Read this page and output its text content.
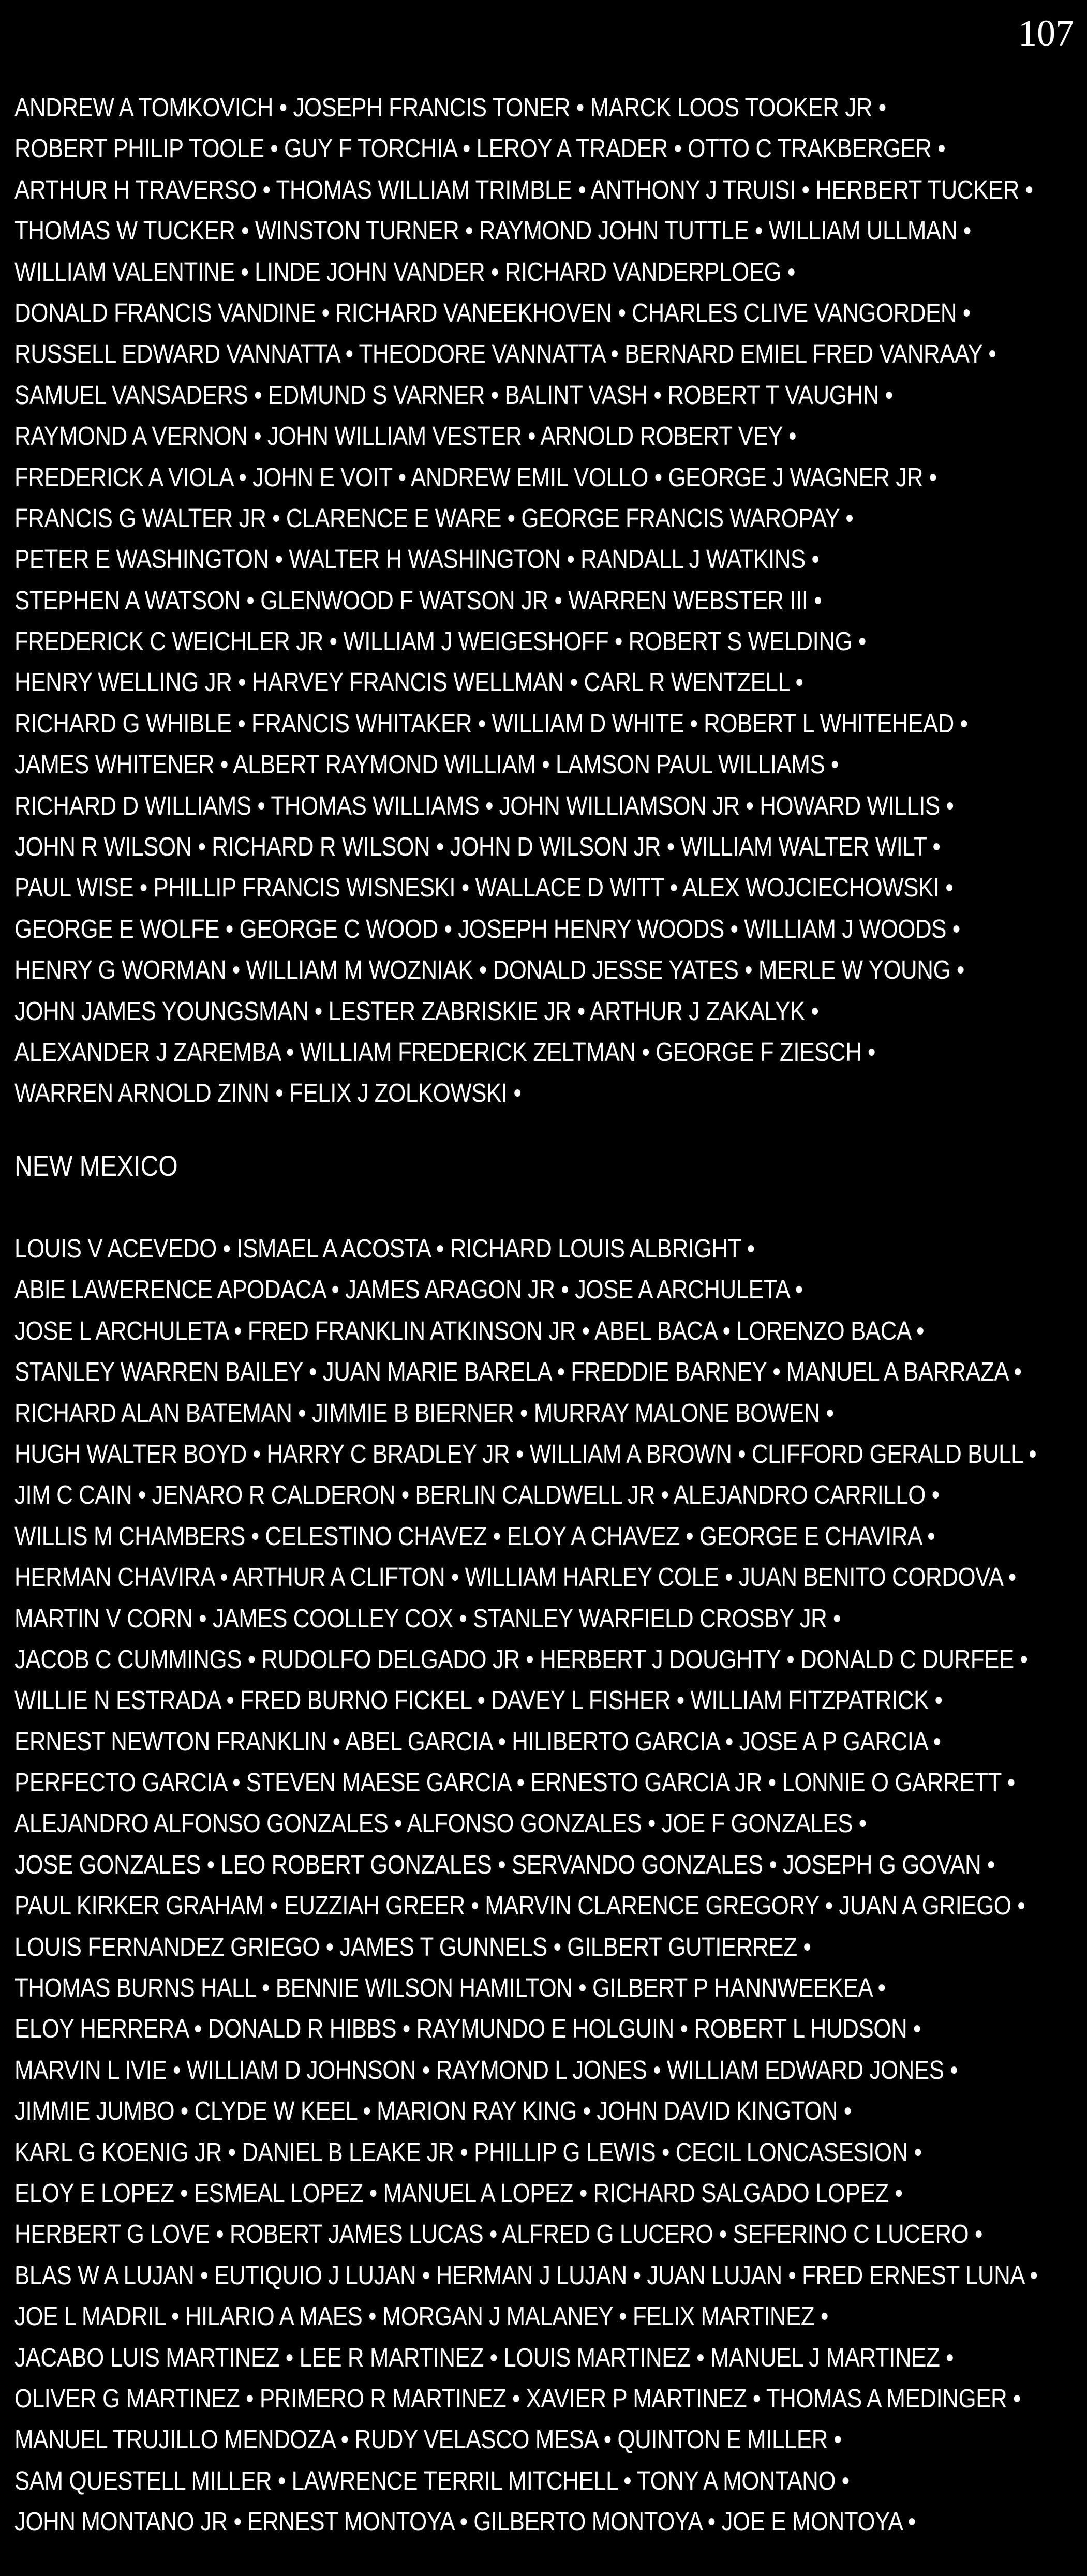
107
ANDREW A TOMKOVICH • JOSEPH FRANCIS TONER • MARCK LOOS TOOKER JR •
ROBERT PHILIP TOOLE • GUY F TORCHIA • LEROY A TRADER • OTTO C TRAKBERGER •
ARTHUR H TRAVERSO • THOMAS WILLIAM TRIMBLE • ANTHONY J TRUISI • HERBERT TUCKER •
THOMAS W TUCKER • WINSTON TURNER • RAYMOND JOHN TUTTLE • WILLIAM ULLMAN •
WILLIAM VALENTINE • LINDE JOHN VANDER • RICHARD VANDERPLOEG •
DONALD FRANCIS VANDINE • RICHARD VANEEKHOVEN • CHARLES CLIVE VANGORDEN •
RUSSELL EDWARD VANNATTA • THEODORE VANNATTA • BERNARD EMIEL FRED VANRAAY •
SAMUEL VANSADERS • EDMUND S VARNER • BALINT VASH • ROBERT T VAUGHN •
RAYMOND A VERNON • JOHN WILLIAM VESTER • ARNOLD ROBERT VEY •
FREDERICK A VIOLA • JOHN E VOIT • ANDREW EMIL VOLLO • GEORGE J WAGNER JR •
FRANCIS G WALTER JR • CLARENCE E WARE • GEORGE FRANCIS WAROPAY •
PETER E WASHINGTON • WALTER H WASHINGTON • RANDALL J WATKINS •
STEPHEN A WATSON • GLENWOOD F WATSON JR • WARREN WEBSTER III •
FREDERICK C WEICHLER JR • WILLIAM J WEIGESHOFF • ROBERT S WELDING •
HENRY WELLING JR • HARVEY FRANCIS WELLMAN • CARL R WENTZELL •
RICHARD G WHIBLE • FRANCIS WHITAKER • WILLIAM D WHITE • ROBERT L WHITEHEAD •
JAMES WHITENER • ALBERT RAYMOND WILLIAM • LAMSON PAUL WILLIAMS •
RICHARD D WILLIAMS • THOMAS WILLIAMS • JOHN WILLIAMSON JR • HOWARD WILLIS •
JOHN R WILSON • RICHARD R WILSON • JOHN D WILSON JR • WILLIAM WALTER WILT •
PAUL WISE • PHILLIP FRANCIS WISNESKI • WALLACE D WITT • ALEX WOJCIECHOWSKI •
GEORGE E WOLFE • GEORGE C WOOD • JOSEPH HENRY WOODS • WILLIAM J WOODS •
HENRY G WORMAN • WILLIAM M WOZNIAK • DONALD JESSE YATES • MERLE W YOUNG •
JOHN JAMES YOUNGSMAN • LESTER ZABRISKIE JR • ARTHUR J ZAKALYK •
ALEXANDER J ZAREMBA • WILLIAM FREDERICK ZELTMAN • GEORGE F ZIESCH •
WARREN ARNOLD ZINN • FELIX J ZOLKOWSKI •
NEW MEXICO
LOUIS V ACEVEDO • ISMAEL A ACOSTA • RICHARD LOUIS ALBRIGHT •
ABIE LAWERENCE APODACA • JAMES ARAGON JR • JOSE A ARCHULETA •
JOSE L ARCHULETA • FRED FRANKLIN ATKINSON JR • ABEL BACA • LORENZO BACA •
STANLEY WARREN BAILEY • JUAN MARIE BARELA • FREDDIE BARNEY • MANUEL A BARRAZA •
RICHARD ALAN BATEMAN • JIMMIE B BIERNER • MURRAY MALONE BOWEN •
HUGH WALTER BOYD • HARRY C BRADLEY JR • WILLIAM A BROWN • CLIFFORD GERALD BULL •
JIM C CAIN • JENARO R CALDERON • BERLIN CALDWELL JR • ALEJANDRO CARRILLO •
WILLIS M CHAMBERS • CELESTINO CHAVEZ • ELOY A CHAVEZ • GEORGE E CHAVIRA •
HERMAN CHAVIRA • ARTHUR A CLIFTON • WILLIAM HARLEY COLE • JUAN BENITO CORDOVA •
MARTIN V CORN • JAMES COOLLEY COX • STANLEY WARFIELD CROSBY JR •
JACOB C CUMMINGS • RUDOLFO DELGADO JR • HERBERT J DOUGHTY • DONALD C DURFEE •
WILLIE N ESTRADA • FRED BURNO FICKEL • DAVEY L FISHER • WILLIAM FITZPATRICK •
ERNEST NEWTON FRANKLIN • ABEL GARCIA • HILIBERTO GARCIA • JOSE A P GARCIA •
PERFECTO GARCIA • STEVEN MAESE GARCIA • ERNESTO GARCIA JR • LONNIE O GARRETT •
ALEJANDRO ALFONSO GONZALES • ALFONSO GONZALES • JOE F GONZALES •
JOSE GONZALES • LEO ROBERT GONZALES • SERVANDO GONZALES • JOSEPH G GOVAN •
PAUL KIRKER GRAHAM • EUZZIAH GREER • MARVIN CLARENCE GREGORY • JUAN A GRIEGO •
LOUIS FERNANDEZ GRIEGO • JAMES T GUNNELS • GILBERT GUTIERREZ •
THOMAS BURNS HALL • BENNIE WILSON HAMILTON • GILBERT P HANNWEEKEA •
ELOY HERRERA • DONALD R HIBBS • RAYMUNDO E HOLGUIN • ROBERT L HUDSON •
MARVIN L IVIE • WILLIAM D JOHNSON • RAYMOND L JONES • WILLIAM EDWARD JONES •
JIMMIE JUMBO • CLYDE W KEEL • MARION RAY KING • JOHN DAVID KINGTON •
KARL G KOENIG JR • DANIEL B LEAKE JR • PHILLIP G LEWIS • CECIL LONCASESION •
ELOY E LOPEZ • ESMEAL LOPEZ • MANUEL A LOPEZ • RICHARD SALGADO LOPEZ •
HERBERT G LOVE • ROBERT JAMES LUCAS • ALFRED G LUCERO • SEFERINO C LUCERO •
BLAS W A LUJAN • EUTIQUIO J LUJAN • HERMAN J LUJAN • JUAN LUJAN • FRED ERNEST LUNA •
JOE L MADRIL • HILARIO A MAES • MORGAN J MALANEY • FELIX MARTINEZ •
JACABO LUIS MARTINEZ • LEE R MARTINEZ • LOUIS MARTINEZ • MANUEL J MARTINEZ •
OLIVER G MARTINEZ • PRIMERO R MARTINEZ • XAVIER P MARTINEZ • THOMAS A MEDINGER •
MANUEL TRUJILLO MENDOZA • RUDY VELASCO MESA • QUINTON E MILLER •
SAM QUESTELL MILLER • LAWRENCE TERRIL MITCHELL • TONY A MONTANO •
JOHN MONTANO JR • ERNEST MONTOYA • GILBERTO MONTOYA • JOE E MONTOYA •
